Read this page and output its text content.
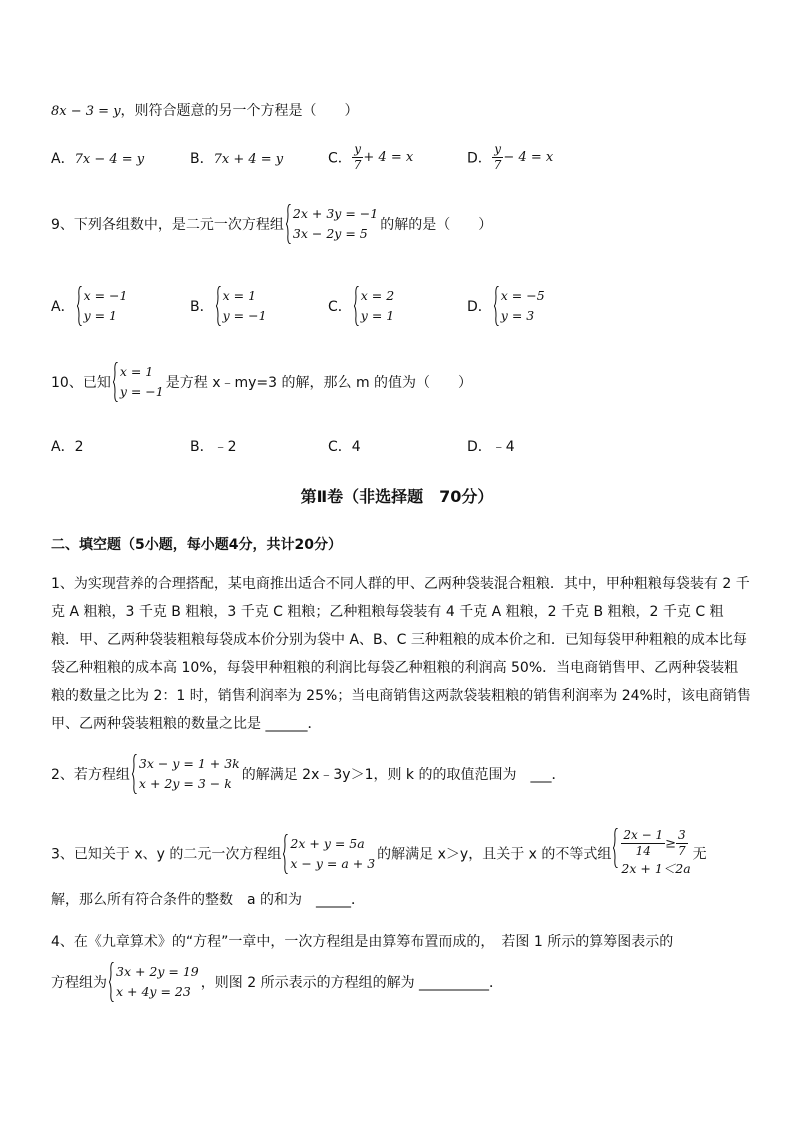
8x − 3 = y，则符合题意的另一个方程是（　　）
A．7x − 4 = y	B．7x + 4 = y	C． $\frac{y}{7} + 4 = x$	D． $\frac{y}{7} - 4 = x$
9、下列各组数中，是二元一次方程组
2x + 3y = −1
3x − 2y = 5
的解的是（　　）
A．
x = −1
y = 1
B．
x = 1
y = −1
C．
x = 2
y = 1
D．
x = −5
y = 3
10、已知
x = 1
y = −1
是方程 x﹣my=3 的解，那么 m 的值为（　　）
A．2	B．﹣2	C．4	D．﹣4
第Ⅱ卷（非选择题　70分）
二、填空题（5小题，每小题4分，共计20分）
1、为实现营养的合理搭配，某电商推出适合不同人群的甲、乙两种袋装混合粗粮．其中，甲种粗粮每袋装有 2 千克 A 粗粮，3 千克 B 粗粮，3 千克 C 粗粮；乙种粗粮每袋装有 4 千克 A 粗粮，2 千克 B 粗粮，2 千克 C 粗粮．甲、乙两种袋装粗粮每袋成本价分别为袋中 A、B、C 三种粗粮的成本价之和．已知每袋甲种粗粮的成本比每袋乙种粗粮的成本高 10%，每袋甲种粗粮的利润比每袋乙种粗粮的利润高 50%．当电商销售甲、乙两种袋装粗粮的数量之比为 2：1 时，销售利润率为 25%；当电商销售这两款袋装粗粮的销售利润率为 24%时，该电商销售甲、乙两种袋装粗粮的数量之比是 ______．
2、若方程组
3x − y = 1 + 3k
x + 2y = 3 − k
的解满足 2x﹣3y＞1，则 k 的的取值范围为　___．
3、已知关于 x、y 的二元一次方程组
2x + y = 5a
x − y = a + 3
的解满足 x＞y，且关于 x 的不等式组 $\frac{2x - 1}{14} \ge \frac{3}{7}$
2x + 1＜2a
无
解，那么所有符合条件的整数　a 的和为　_____．
4、在《九章算术》的“方程”一章中，一次方程组是由算筹布置而成的，　若图 1 所示的算筹图表示的
方程组为
3x + 2y = 19
x + 4y = 23
，则图 2 所示表示的方程组的解为 __________．
